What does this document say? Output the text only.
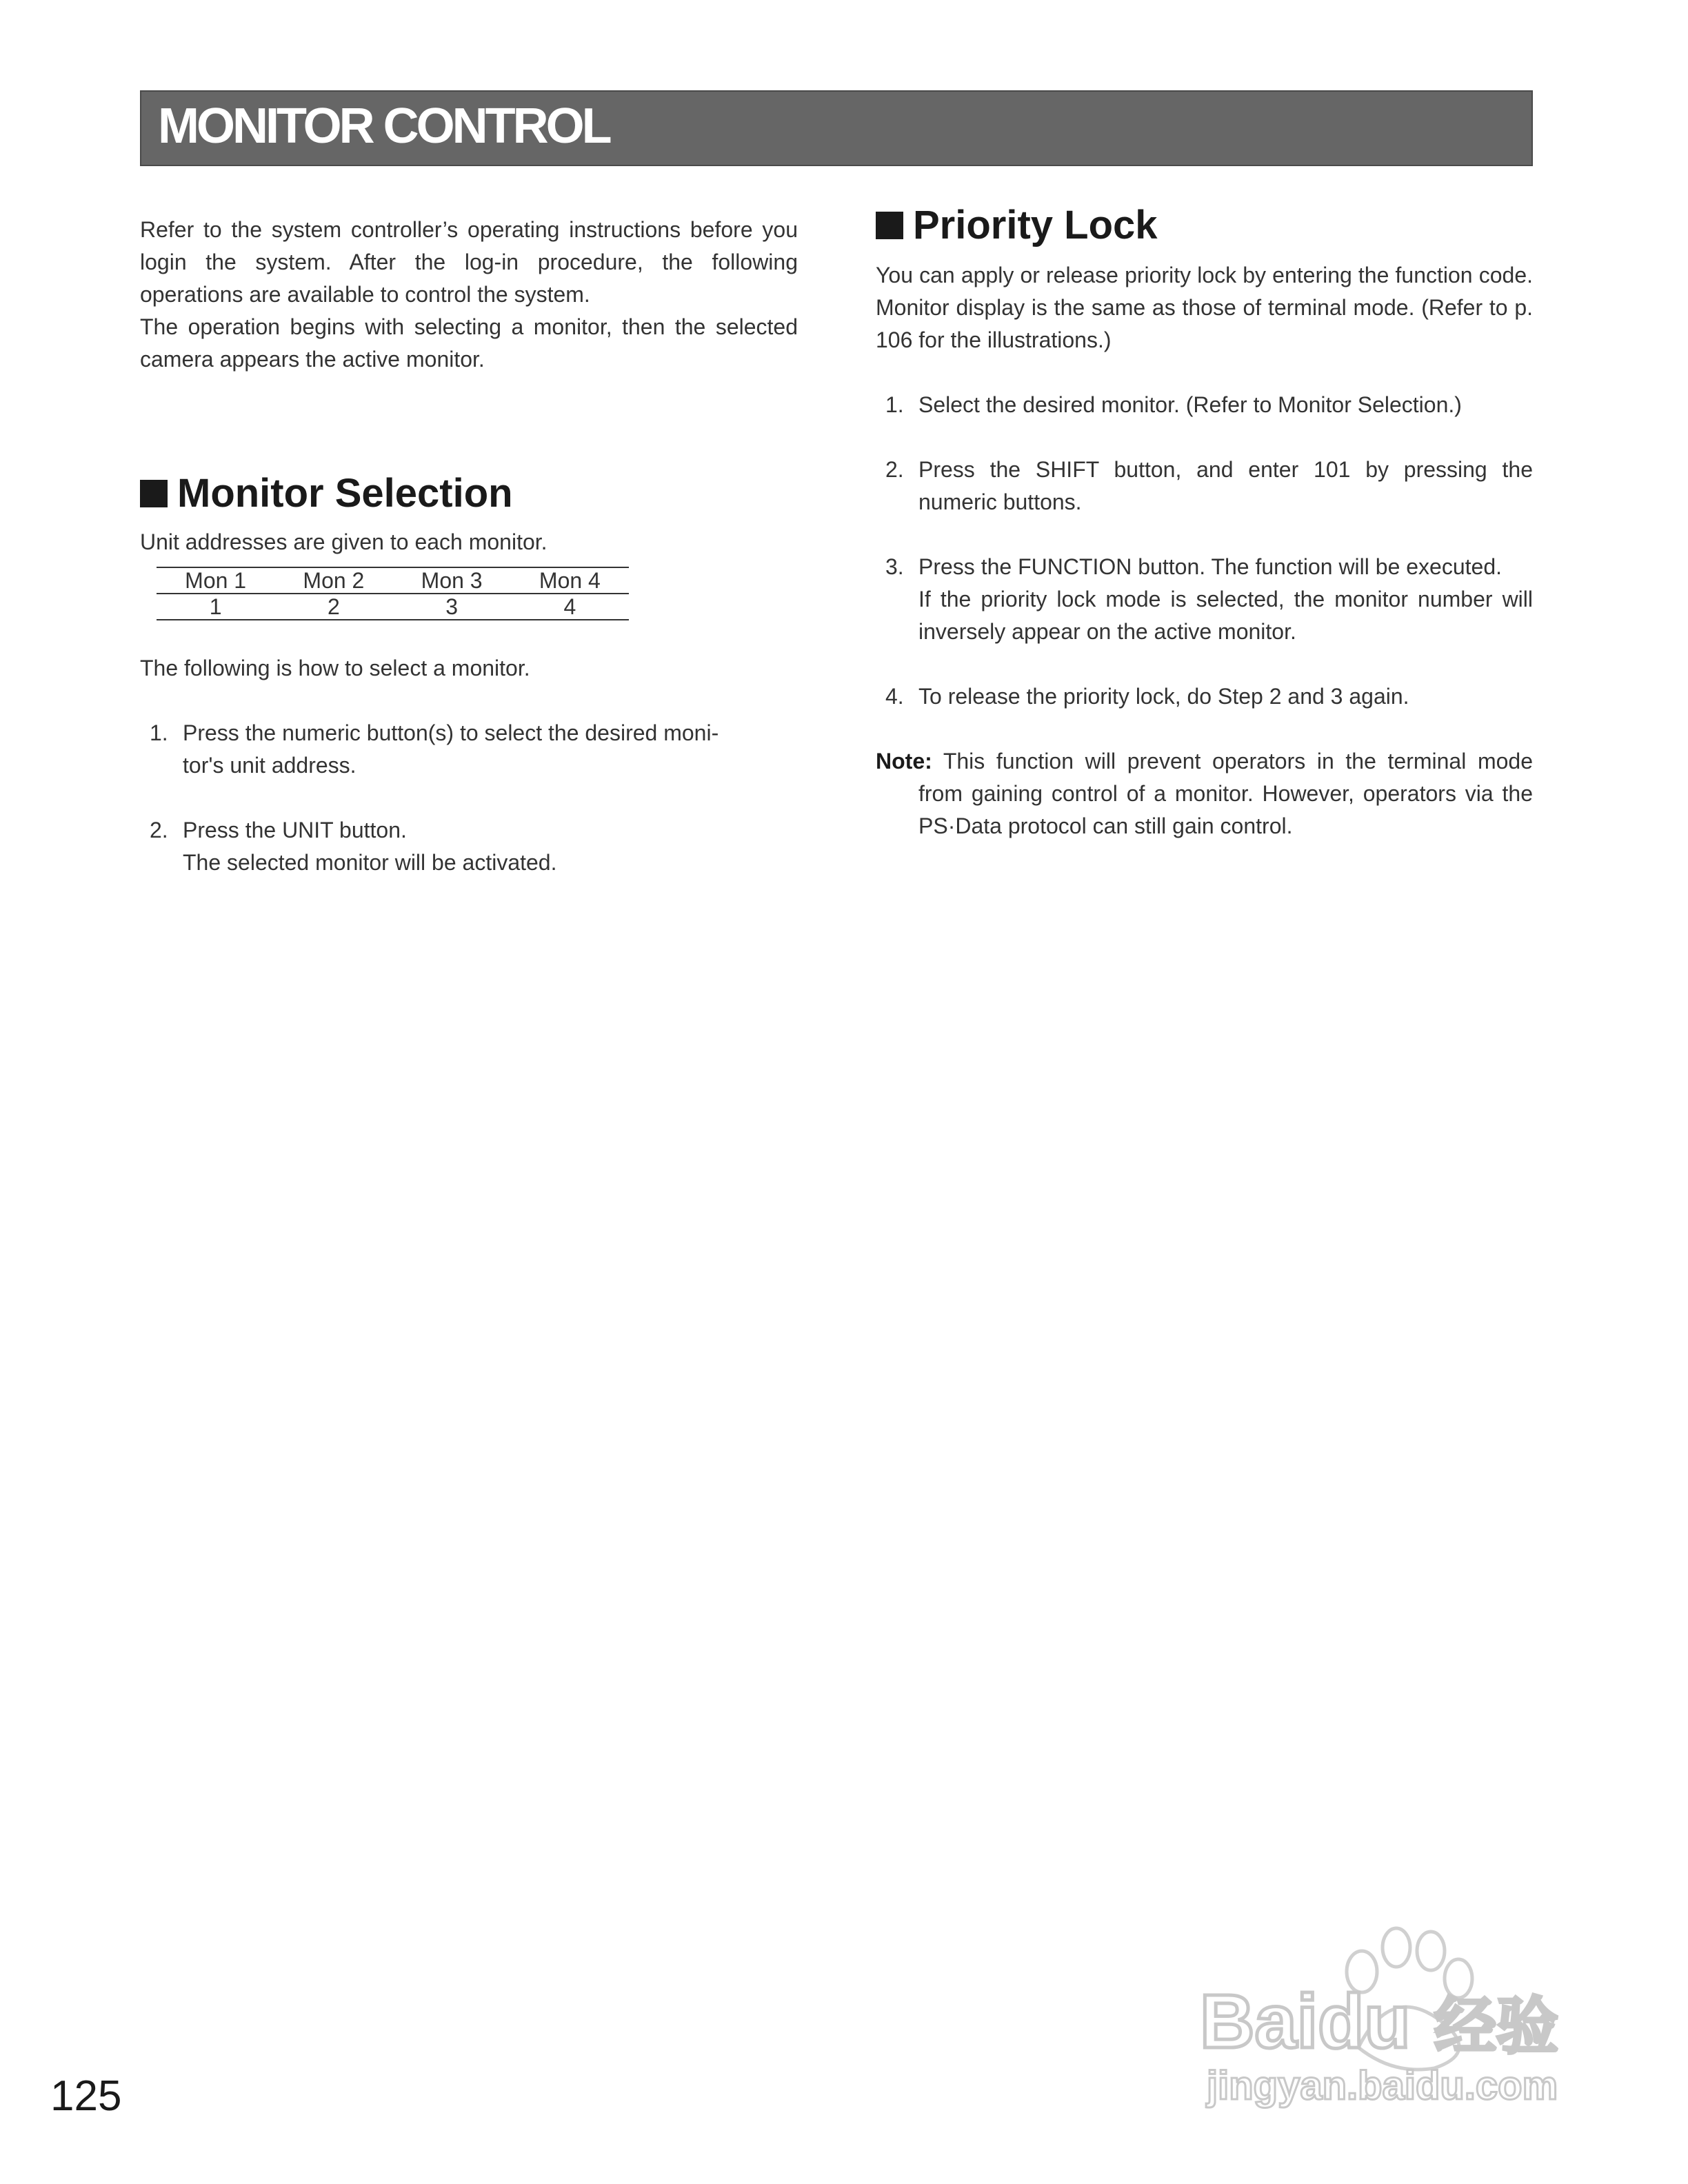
MONITOR CONTROL
Refer to the system controller’s operating instructions before you login the system. After the log-in procedure, the following operations are available to control the system.
The operation begins with selecting a monitor, then the selected camera appears the active monitor.
Monitor Selection
Unit addresses are given to each monitor.
Mon 1	Mon 2	Mon 3	Mon 4
1	2	3	4
The following is how to select a monitor.
1. Press the numeric button(s) to select the desired moni-
tor's unit address.
2. Press the UNIT button.
The selected monitor will be activated.
Priority Lock
You can apply or release priority lock by entering the function code. Monitor display is the same as those of terminal mode. (Refer to p. 106 for the illustrations.)
1. Select the desired monitor. (Refer to Monitor Selection.)
2. Press the SHIFT button, and enter 101 by pressing the numeric buttons.
3. Press the FUNCTION button. The function will be executed.
If the priority lock mode is selected, the monitor number will inversely appear on the active monitor.
4. To release the priority lock, do Step 2 and 3 again.
Note: This function will prevent operators in the terminal mode from gaining control of a monitor. However, operators via the PS·Data protocol can still gain control.
125
Baidu 经验
jingyan.baidu.com
